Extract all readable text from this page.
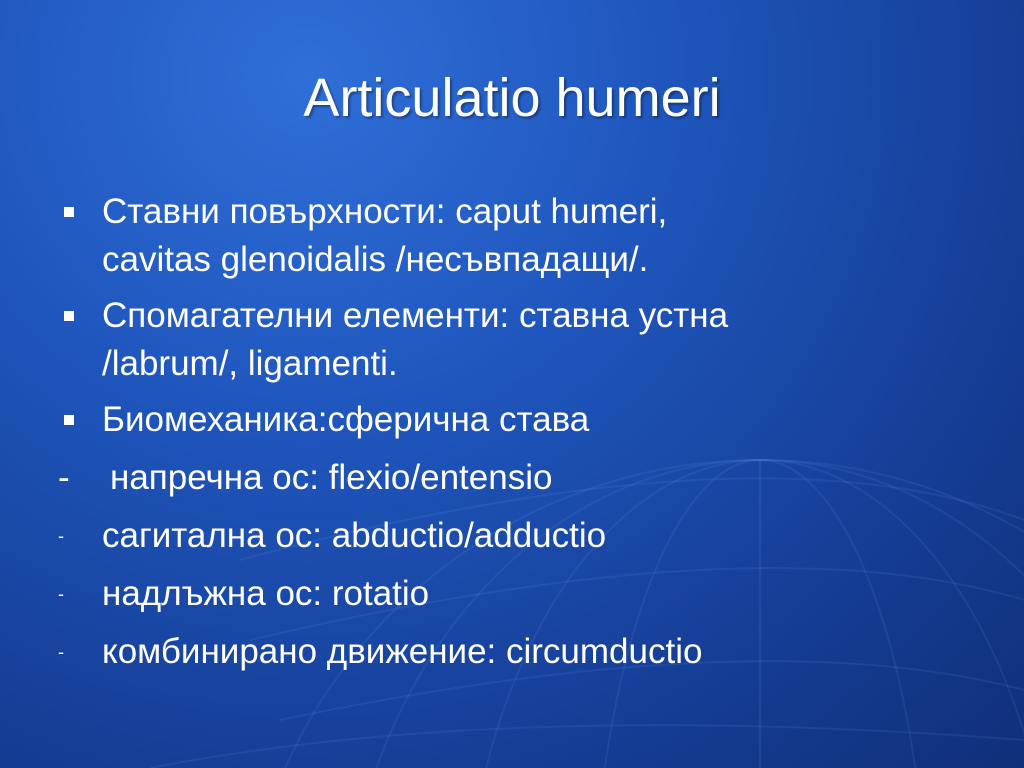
Articulatio humeri
Ставни повърхности: caput humeri,
cavitas glenoidalis /несъвпадащи/.
Спомагателни елементи: ставна устна
/labrum/, ligamenti.
Биомеханика:сферична става
-	напречна ос: flexio/entensio
-	сагитална ос: abductio/adductio
-	надлъжна ос: rotatio
-	комбинирано движение: circumductio
